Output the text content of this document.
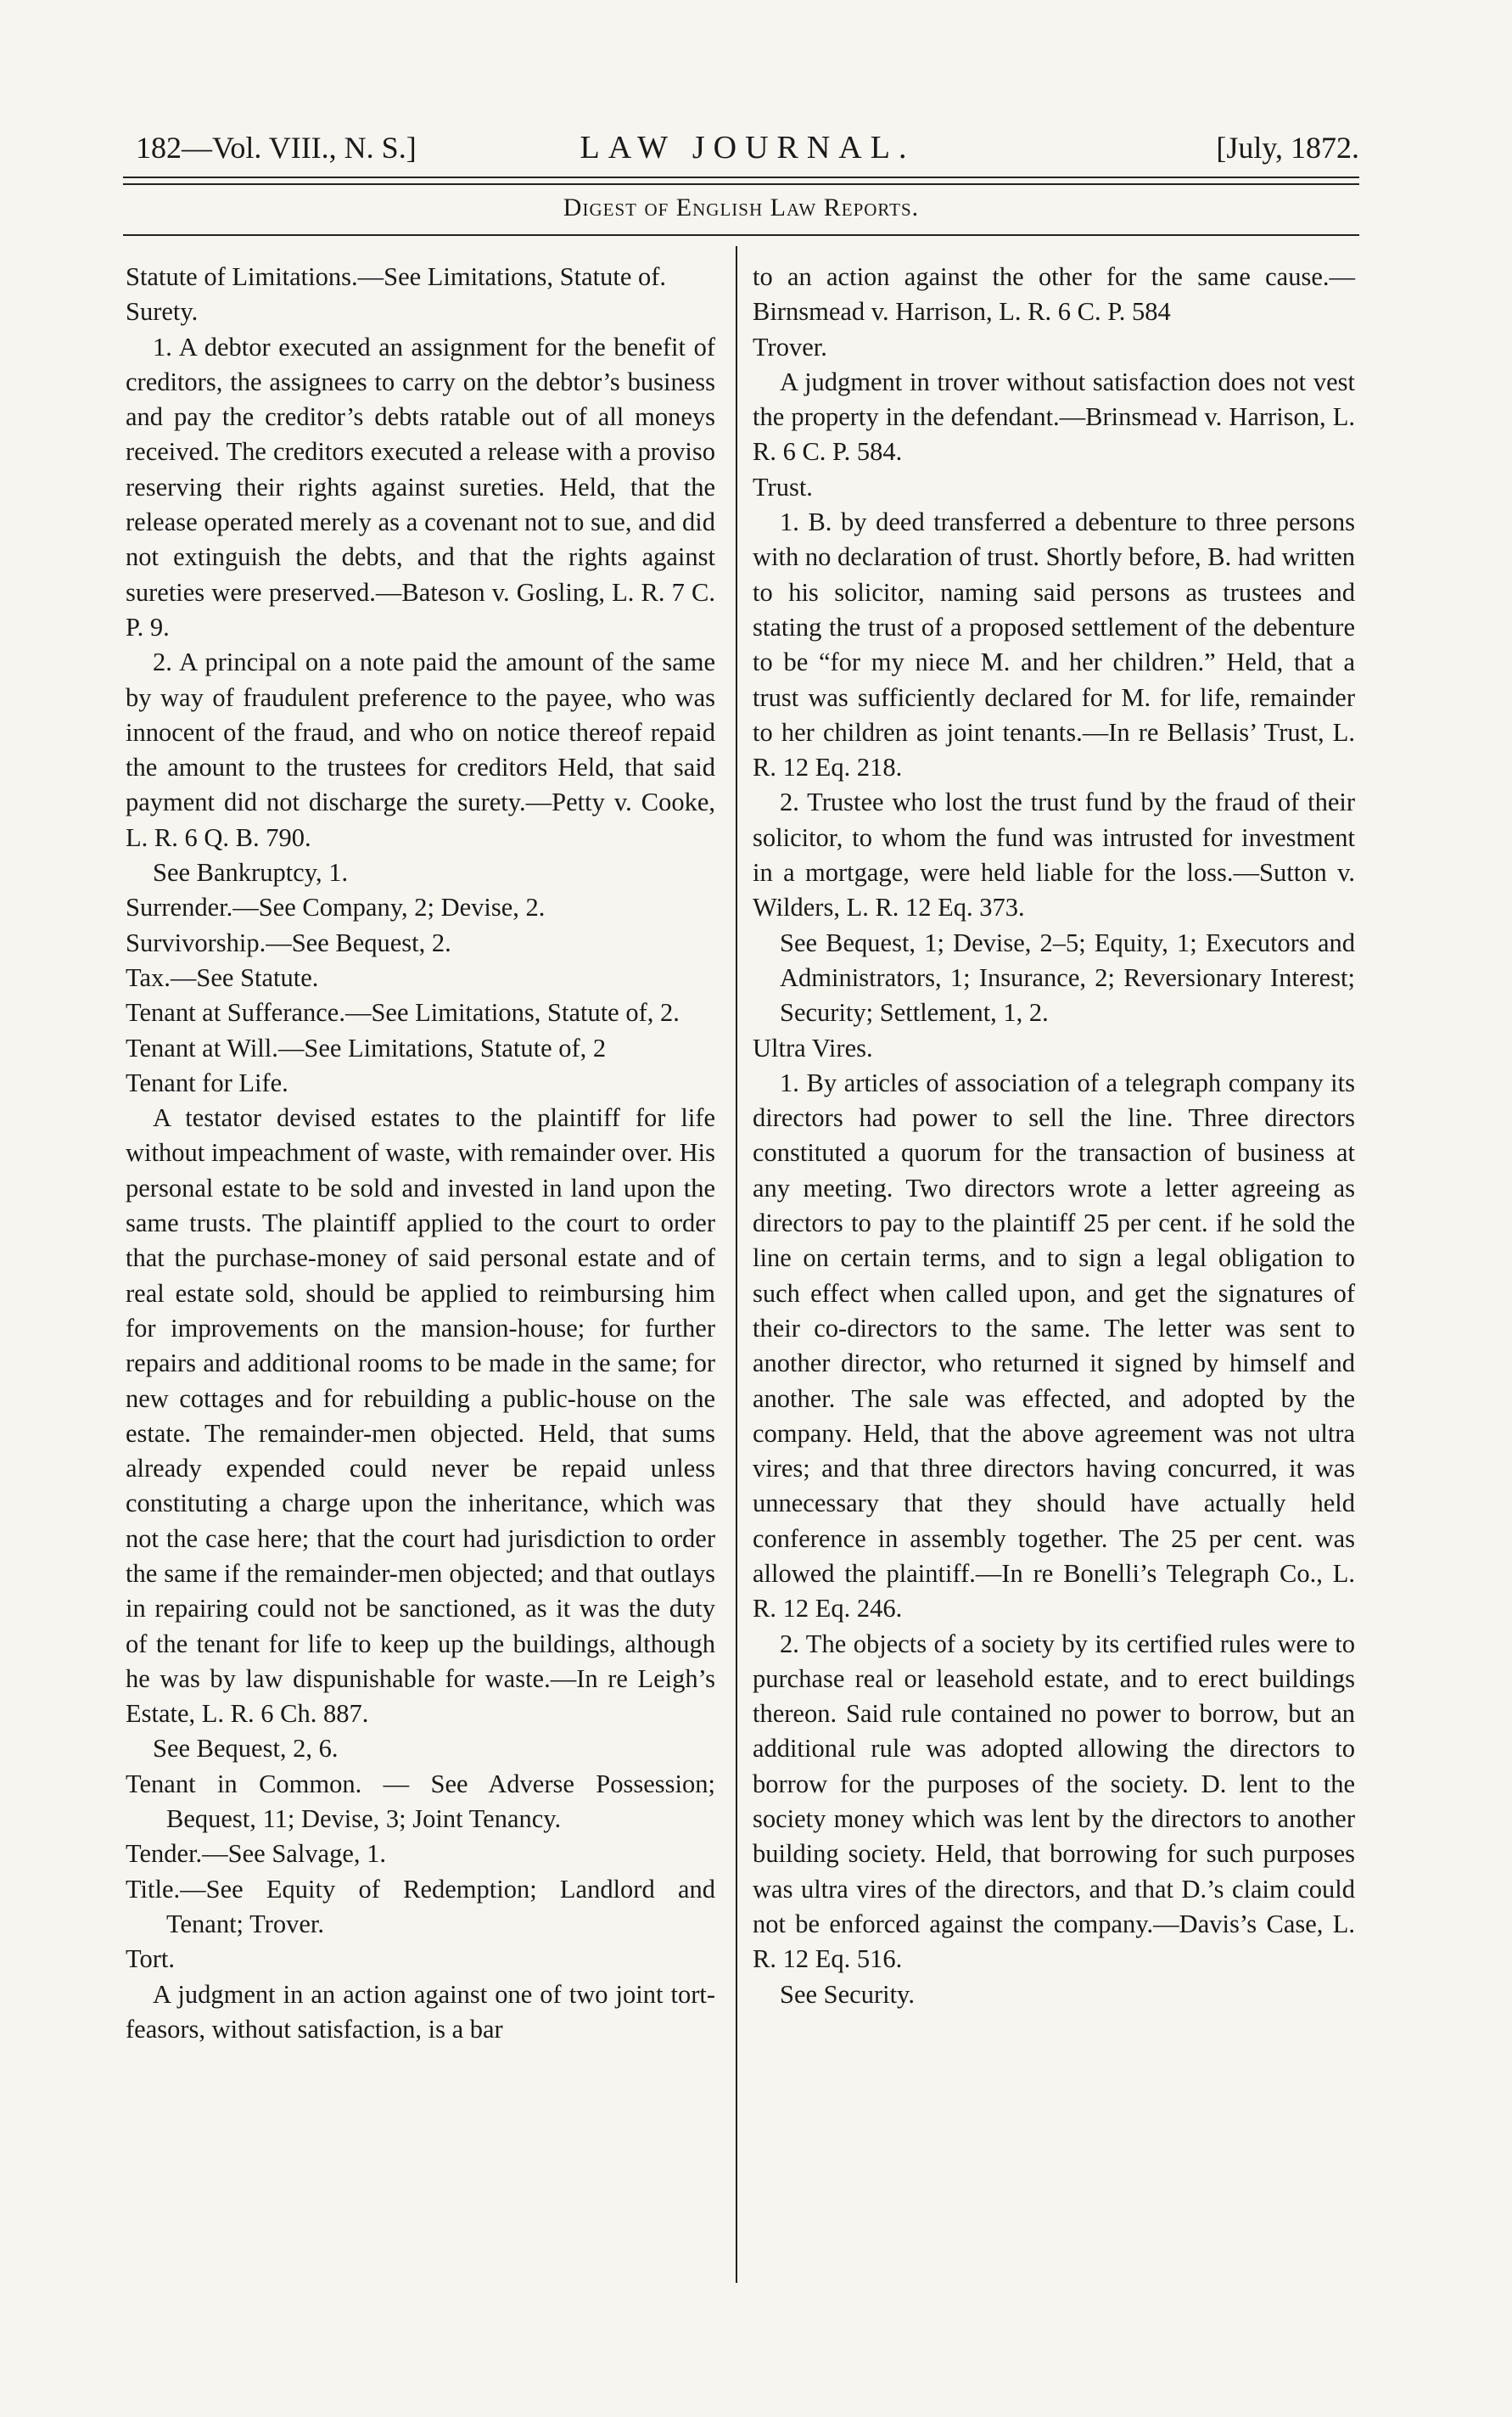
182—Vol. VIII., N. S.]	LAW JOURNAL.	[July, 1872.
Digest of English Law Reports.

Statute of Limitations.—See Limitations, Statute of.

Surety.

1. A debtor executed an assignment for the benefit of creditors, the assignees to carry on the debtor’s business and pay the creditor’s debts ratable out of all moneys received. The creditors executed a release with a proviso reserving their rights against sureties. Held, that the release operated merely as a covenant not to sue, and did not extinguish the debts, and that the rights against sureties were preserved.—Bateson v. Gosling, L. R. 7 C. P. 9.

2. A principal on a note paid the amount of the same by way of fraudulent preference to the payee, who was innocent of the fraud, and who on notice thereof repaid the amount to the trustees for creditors Held, that said payment did not discharge the surety.—Petty v. Cooke, L. R. 6 Q. B. 790.

See Bankruptcy, 1.

Surrender.—See Company, 2; Devise, 2.

Survivorship.—See Bequest, 2.

Tax.—See Statute.

Tenant at Sufferance.—See Limitations, Statute of, 2.

Tenant at Will.—See Limitations, Statute of, 2

Tenant for Life.

A testator devised estates to the plaintiff for life without impeachment of waste, with remainder over. His personal estate to be sold and invested in land upon the same trusts. The plaintiff applied to the court to order that the purchase-money of said personal estate and of real estate sold, should be applied to reimbursing him for improvements on the mansion-house; for further repairs and additional rooms to be made in the same; for new cottages and for rebuilding a public-house on the estate. The remainder-men objected. Held, that sums already expended could never be repaid unless constituting a charge upon the inheritance, which was not the case here; that the court had jurisdiction to order the same if the remainder-men objected; and that outlays in repairing could not be sanctioned, as it was the duty of the tenant for life to keep up the buildings, although he was by law dispunishable for waste.—In re Leigh’s Estate, L. R. 6 Ch. 887.

See Bequest, 2, 6.

Tenant in Common. — See Adverse Possession; Bequest, 11; Devise, 3; Joint Tenancy.

Tender.—See Salvage, 1.

Title.—See Equity of Redemption; Landlord and Tenant; Trover.

Tort.

A judgment in an action against one of two joint tort-feasors, without satisfaction, is a bar

to an action against the other for the same cause.—Birnsmead v. Harrison, L. R. 6 C. P. 584

Trover.

A judgment in trover without satisfaction does not vest the property in the defendant.—Brinsmead v. Harrison, L. R. 6 C. P. 584.

Trust.

1. B. by deed transferred a debenture to three persons with no declaration of trust. Shortly before, B. had written to his solicitor, naming said persons as trustees and stating the trust of a proposed settlement of the debenture to be “for my niece M. and her children.” Held, that a trust was sufficiently declared for M. for life, remainder to her children as joint tenants.—In re Bellasis’ Trust, L. R. 12 Eq. 218.

2. Trustee who lost the trust fund by the fraud of their solicitor, to whom the fund was intrusted for investment in a mortgage, were held liable for the loss.—Sutton v. Wilders, L. R. 12 Eq. 373.

See Bequest, 1; Devise, 2–5; Equity, 1; Executors and Administrators, 1; Insurance, 2; Reversionary Interest; Security; Settlement, 1, 2.

Ultra Vires.

1. By articles of association of a telegraph company its directors had power to sell the line. Three directors constituted a quorum for the transaction of business at any meeting. Two directors wrote a letter agreeing as directors to pay to the plaintiff 25 per cent. if he sold the line on certain terms, and to sign a legal obligation to such effect when called upon, and get the signatures of their co-directors to the same. The letter was sent to another director, who returned it signed by himself and another. The sale was effected, and adopted by the company. Held, that the above agreement was not ultra vires; and that three directors having concurred, it was unnecessary that they should have actually held conference in assembly together. The 25 per cent. was allowed the plaintiff.—In re Bonelli’s Telegraph Co., L. R. 12 Eq. 246.

2. The objects of a society by its certified rules were to purchase real or leasehold estate, and to erect buildings thereon. Said rule contained no power to borrow, but an additional rule was adopted allowing the directors to borrow for the purposes of the society. D. lent to the society money which was lent by the directors to another building society. Held, that borrowing for such purposes was ultra vires of the directors, and that D.’s claim could not be enforced against the company.—Davis’s Case, L. R. 12 Eq. 516.

See Security.
